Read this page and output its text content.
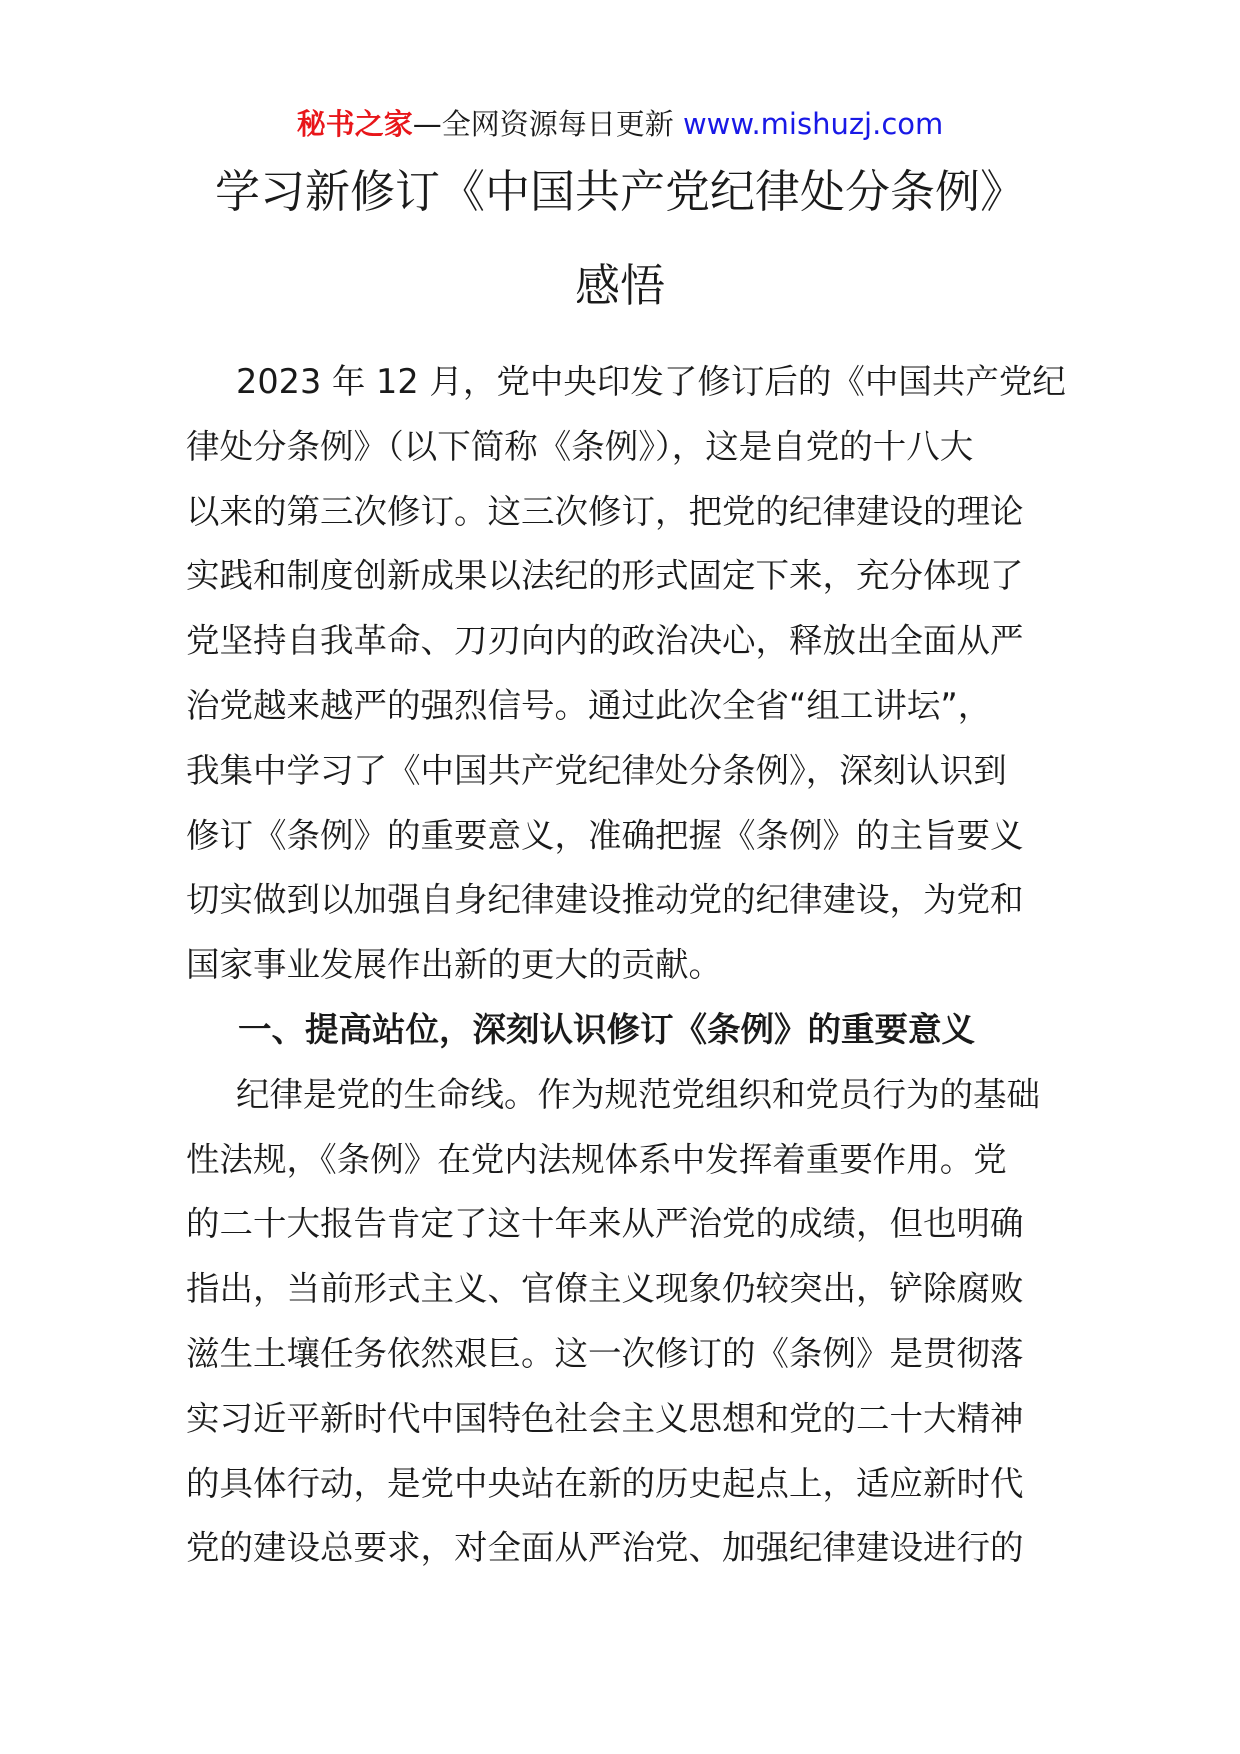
秘书之家—全网资源每日更新 www.mishuzj.com
学习新修订《中国共产党纪律处分条例》
感悟
2023 年 12 月，党中央印发了修订后的《中国共产党纪
律处分条例》（以下简称《条例》），这是自党的十八大
以来的第三次修订。这三次修订，把党的纪律建设的理论
实践和制度创新成果以法纪的形式固定下来，充分体现了
党坚持自我革命、刀刃向内的政治决心，释放出全面从严
治党越来越严的强烈信号。通过此次全省“组工讲坛”，
我集中学习了《中国共产党纪律处分条例》，深刻认识到
修订《条例》的重要意义，准确把握《条例》的主旨要义
切实做到以加强自身纪律建设推动党的纪律建设，为党和
国家事业发展作出新的更大的贡献。
一、提高站位，深刻认识修订《条例》的重要意义
纪律是党的生命线。作为规范党组织和党员行为的基础
性法规，《条例》在党内法规体系中发挥着重要作用。党
的二十大报告肯定了这十年来从严治党的成绩，但也明确
指出，当前形式主义、官僚主义现象仍较突出，铲除腐败
滋生土壤任务依然艰巨。这一次修订的《条例》是贯彻落
实习近平新时代中国特色社会主义思想和党的二十大精神
的具体行动，是党中央站在新的历史起点上，适应新时代
党的建设总要求，对全面从严治党、加强纪律建设进行的
